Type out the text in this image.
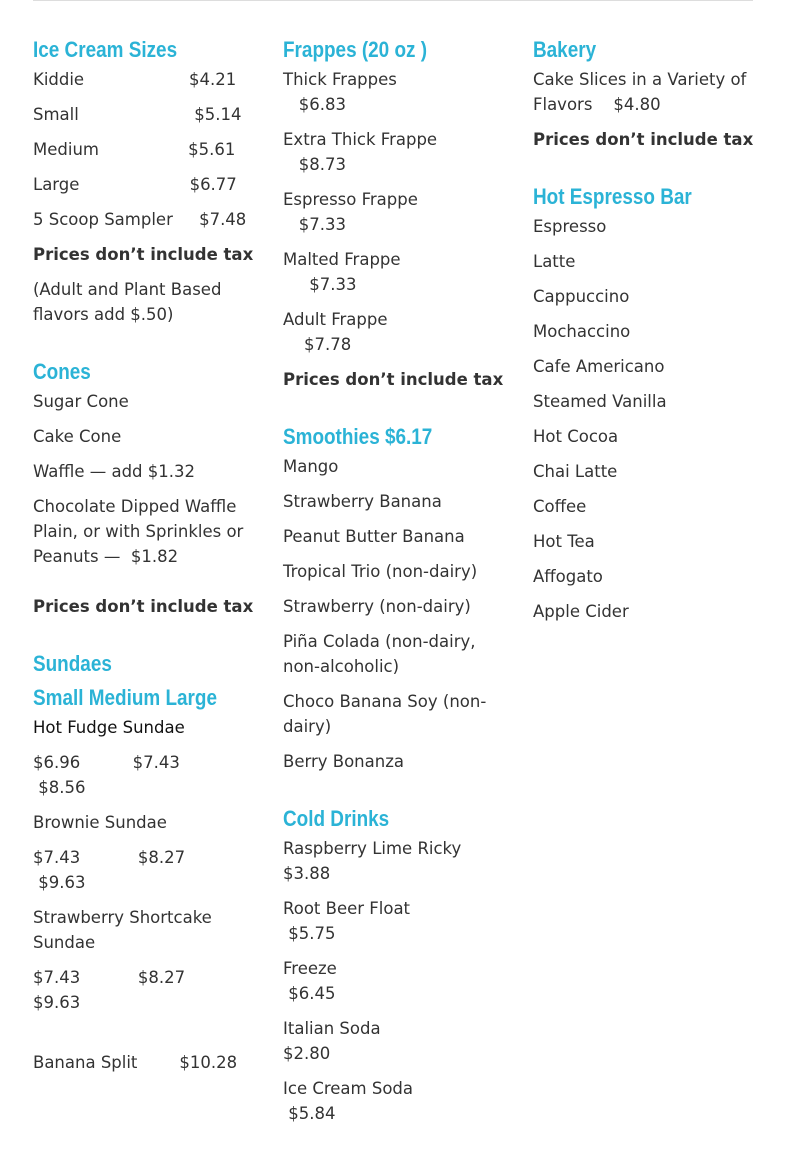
Ice Cream Sizes

Kiddie                    $4.21

Small                      $5.14

Medium                 $5.61

Large                     $6.77

5 Scoop Sampler     $7.48

Prices don’t include tax

(Adult and Plant Based flavors add $.50)

Cones

Sugar Cone

Cake Cone

Waffle — add $1.32

Chocolate Dipped Waffle Plain, or with Sprinkles or Peanuts —  $1.82

Prices don’t include tax

Sundaes
Small Medium Large

Hot Fudge Sundae

$6.96          $7.43
$8.56

Brownie Sundae

$7.43           $8.27
$9.63

Strawberry Shortcake Sundae

$7.43           $8.27
$9.63

Banana Split        $10.28

Frappes (20 oz )

Thick Frappes
$6.83

Extra Thick Frappe
$8.73

Espresso Frappe
$7.33

Malted Frappe
$7.33

Adult Frappe
$7.78

Prices don’t include tax

Smoothies $6.17

Mango

Strawberry Banana

Peanut Butter Banana

Tropical Trio (non-dairy)

Strawberry (non-dairy)

Piña Colada (non-dairy, non-alcoholic)

Choco Banana Soy (non-dairy)

Berry Bonanza

Cold Drinks

Raspberry Lime Ricky
$3.88

Root Beer Float
$5.75

Freeze
$6.45

Italian Soda
$2.80

Ice Cream Soda
$5.84

Bakery

Cake Slices in a Variety of Flavors    $4.80

Prices don’t include tax

Hot Espresso Bar

Espresso

Latte

Cappuccino

Mochaccino

Cafe Americano

Steamed Vanilla

Hot Cocoa

Chai Latte

Coffee

Hot Tea

Affogato

Apple Cider
